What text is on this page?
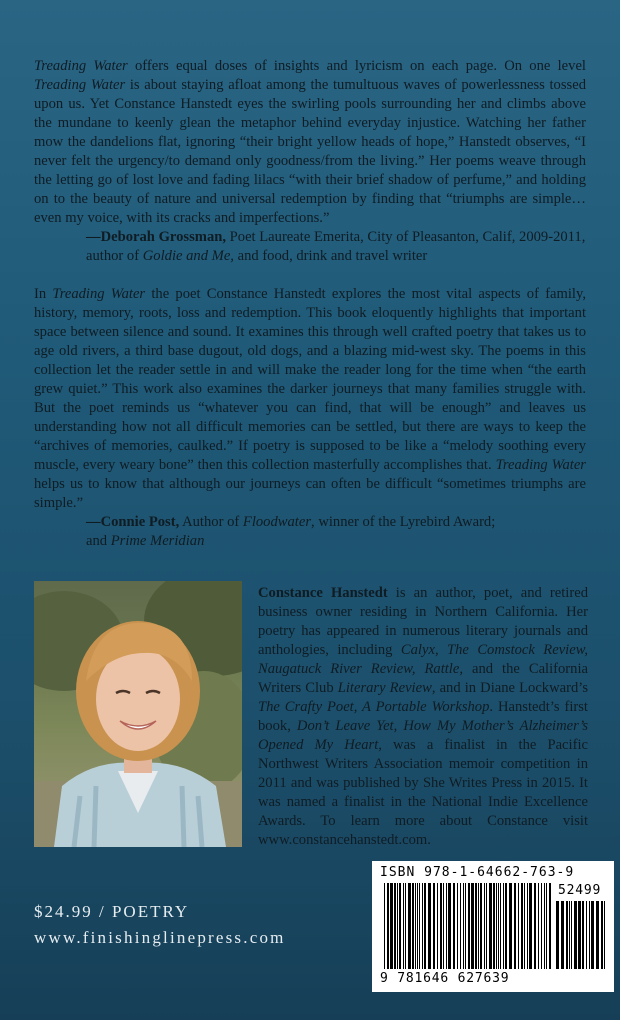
Treading Water offers equal doses of insights and lyricism on each page. On one level Treading Water is about staying afloat among the tumultuous waves of powerlessness tossed upon us. Yet Constance Hanstedt eyes the swirling pools surrounding her and climbs above the mundane to keenly glean the metaphor behind everyday injustice. Watching her father mow the dandelions flat, ignoring “their bright yellow heads of hope,” Hanstedt observes, “I never felt the urgency/to demand only goodness/from the living.” Her poems weave through the letting go of lost love and fading lilacs “with their brief shadow of perfume,” and holding on to the beauty of nature and universal redemption by finding that “triumphs are simple…even my voice, with its cracks and imperfections.”

—Deborah Grossman, Poet Laureate Emerita, City of Pleasanton, Calif, 2009-2011, author of Goldie and Me, and food, drink and travel writer

In Treading Water the poet Constance Hanstedt explores the most vital aspects of family, history, memory, roots, loss and redemption. This book eloquently highlights that important space between silence and sound. It examines this through well crafted poetry that takes us to age old rivers, a third base dugout, old dogs, and a blazing mid-west sky. The poems in this collection let the reader settle in and will make the reader long for the time when “the earth grew quiet.” This work also examines the darker journeys that many families struggle with. But the poet reminds us “whatever you can find, that will be enough” and leaves us understanding how not all difficult memories can be settled, but there are ways to keep the “archives of memories, caulked.” If poetry is supposed to be like a “melody soothing every muscle, every weary bone” then this collection masterfully accomplishes that. Treading Water helps us to know that although our journeys can often be difficult “sometimes triumphs are simple.”

—Connie Post, Author of Floodwater, winner of the Lyrebird Award;
and Prime Meridian

Constance Hanstedt is an author, poet, and retired business owner residing in Northern California. Her poetry has appeared in numerous literary journals and anthologies, including Calyx, The Comstock Review, Naugatuck River Review, Rattle, and the California Writers Club Literary Review, and in Diane Lockward’s The Crafty Poet, A Portable Workshop. Hanstedt’s first book, Don’t Leave Yet, How My Mother’s Alzheimer’s Opened My Heart, was a finalist in the Pacific Northwest Writers Association memoir competition in 2011 and was published by She Writes Press in 2015. It was named a finalist in the National Indie Excellence Awards. To learn more about Constance visit www.constancehanstedt.com.

$24.99 / POETRY
www.finishinglinepress.com
ISBN 978-1-64662-763-9
52499
9 781646 627639
